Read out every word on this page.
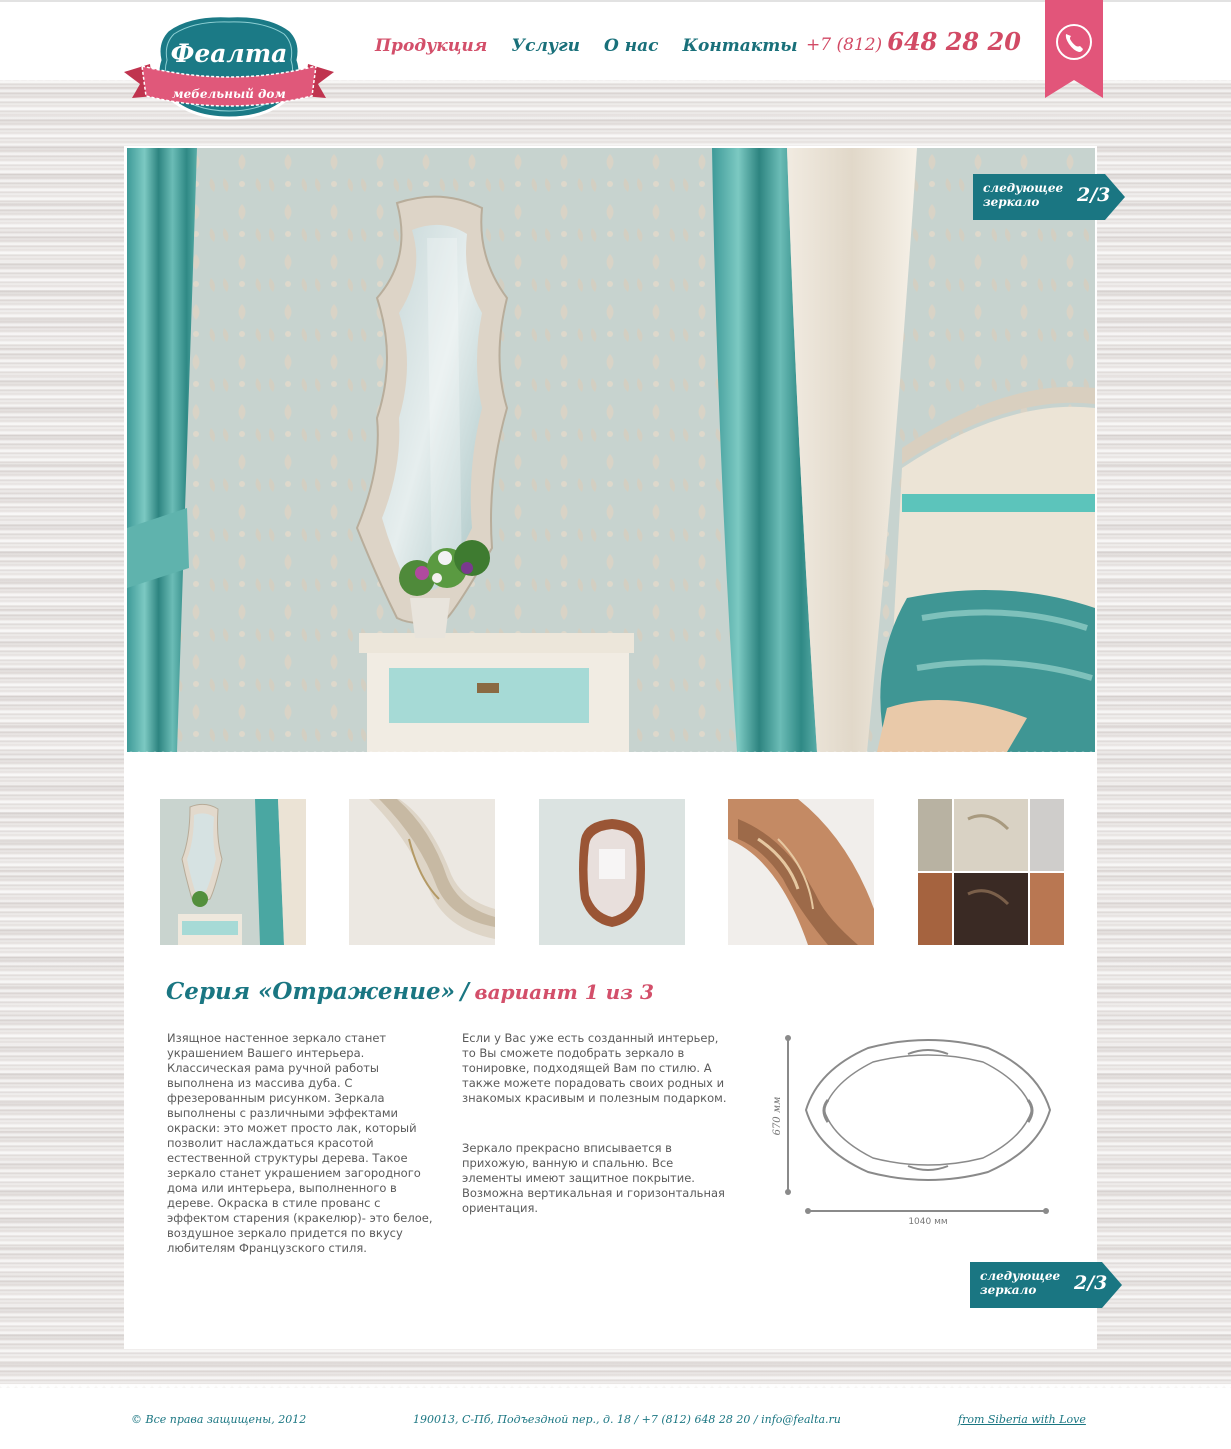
Феалта
мебельный дом
Продукция Услуги О нас Контакты +7 (812) 648 28 20
следующее зеркало	2/3
Серия «Отражение» / вариант 1 из 3
Изящное настенное зеркало станет украшением Вашего интерьера. Классическая рама ручной работы выполнена из массива дуба. С фрезерованным рисунком. Зеркала выполнены с различными эффектами окраски: это может просто лак, который позволит наслаждаться красотой естественной структуры дерева. Такое зеркало станет украшением загородного дома или интерьера, выполненного в дереве. Окраска в стиле прованс с эффектом старения (кракелюр)- это белое, воздушное зеркало придется по вкусу любителям Французского стиля.
Если у Вас уже есть созданный интерьер, то Вы сможете подобрать зеркало в тонировке, подходящей Вам по стилю. А также можете порадовать своих родных и знакомых красивым и полезным подарком.
Зеркало прекрасно вписывается в прихожую, ванную и спальню. Все элементы имеют защитное покрытие. Возможна вертикальная и горизонтальная ориентация.
670 мм
1040 мм
следующее зеркало	2/3
© Все права защищены, 2012	190013, С-Пб, Подъездной пер., д. 18 / +7 (812) 648 28 20 / info@fealta.ru	from Siberia with Love
